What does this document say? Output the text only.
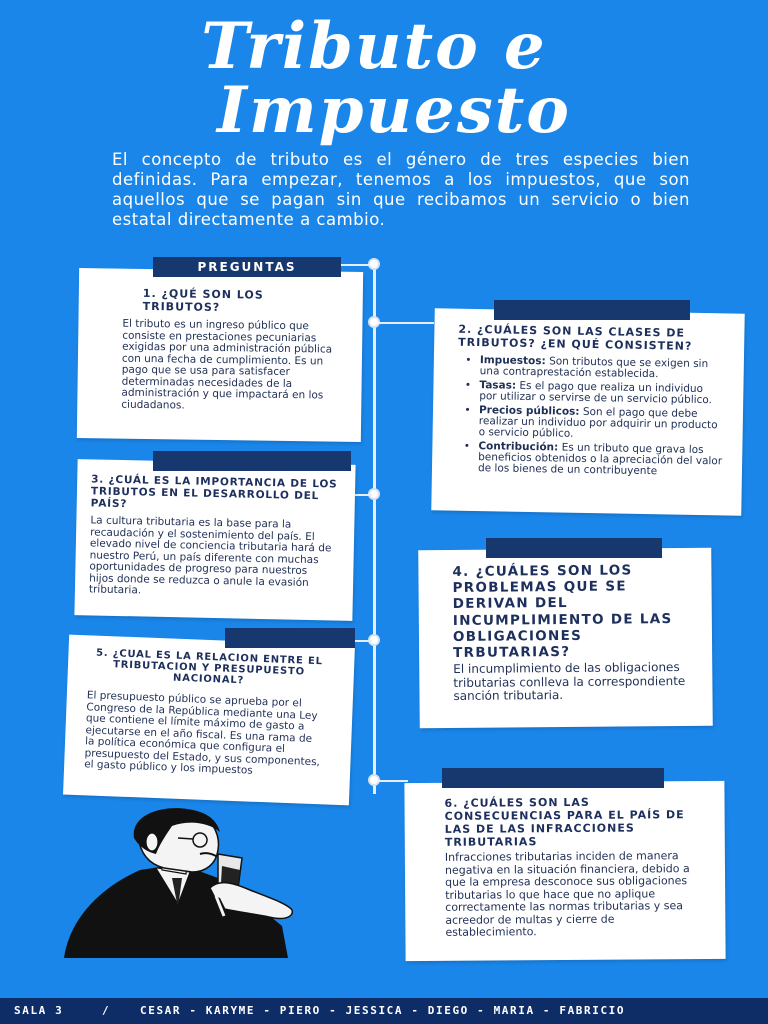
Tributo e
Impuesto

El concepto de tributo es el género de tres especies bien definidas. Para empezar, tenemos a los impuestos, que son aquellos que se pagan sin que recibamos un servicio o bien estatal directamente a cambio.

1. ¿QUÉ SON LOS TRIBUTOS?

El tributo es un ingreso público que consiste en prestaciones pecuniarias exigidas por una administración pública con una fecha de cumplimiento. Es un pago que se usa para satisfacer determinadas necesidades de la administración y que impactará en los ciudadanos.

PREGUNTAS

2. ¿CUÁLES SON LAS CLASES DE TRIBUTOS? ¿EN QUÉ CONSISTEN?

• Impuestos: Son tributos que se exigen sin una contraprestación establecida.
• Tasas: Es el pago que realiza un individuo por utilizar o servirse de un servicio público.
• Precios públicos: Son el pago que debe realizar un individuo por adquirir un producto o servicio público.
• Contribución: Es un tributo que grava los beneficios obtenidos o la apreciación del valor de los bienes de un contribuyente

3. ¿CUÁL ES LA IMPORTANCIA DE LOS TRIBUTOS EN EL DESARROLLO DEL PAÍS?

La cultura tributaria es la base para la recaudación y el sostenimiento del país. El elevado nivel de conciencia tributaria hará de nuestro Perú, un país diferente con muchas oportunidades de progreso para nuestros hijos donde se reduzca o anule la evasión tributaria.

4. ¿CUÁLES SON LOS PROBLEMAS QUE SE DERIVAN DEL INCUMPLIMIENTO DE LAS OBLIGACIONES TRBUTARIAS?

El incumplimiento de las obligaciones tributarias conlleva la correspondiente sanción tributaria.

5. ¿CUAL ES LA RELACION ENTRE EL TRIBUTACION Y PRESUPUESTO NACIONAL?

El presupuesto público se aprueba por el Congreso de la República mediante una Ley que contiene el límite máximo de gasto a ejecutarse en el año fiscal. Es una rama de la política económica que configura el presupuesto del Estado, y sus componentes, el gasto público y los impuestos

6. ¿CUÁLES SON LAS CONSECUENCIAS PARA EL PAÍS DE LAS DE LAS INFRACCIONES TRIBUTARIAS

Infracciones tributarias inciden de manera negativa en la situación financiera, debido a que la empresa desconoce sus obligaciones tributarias lo que hace que no aplique correctamente las normas tributarias y sea acreedor de multas y cierre de establecimiento.

SALA 3	/	CESAR - KARYME - PIERO - JESSICA - DIEGO - MARIA - FABRICIO
